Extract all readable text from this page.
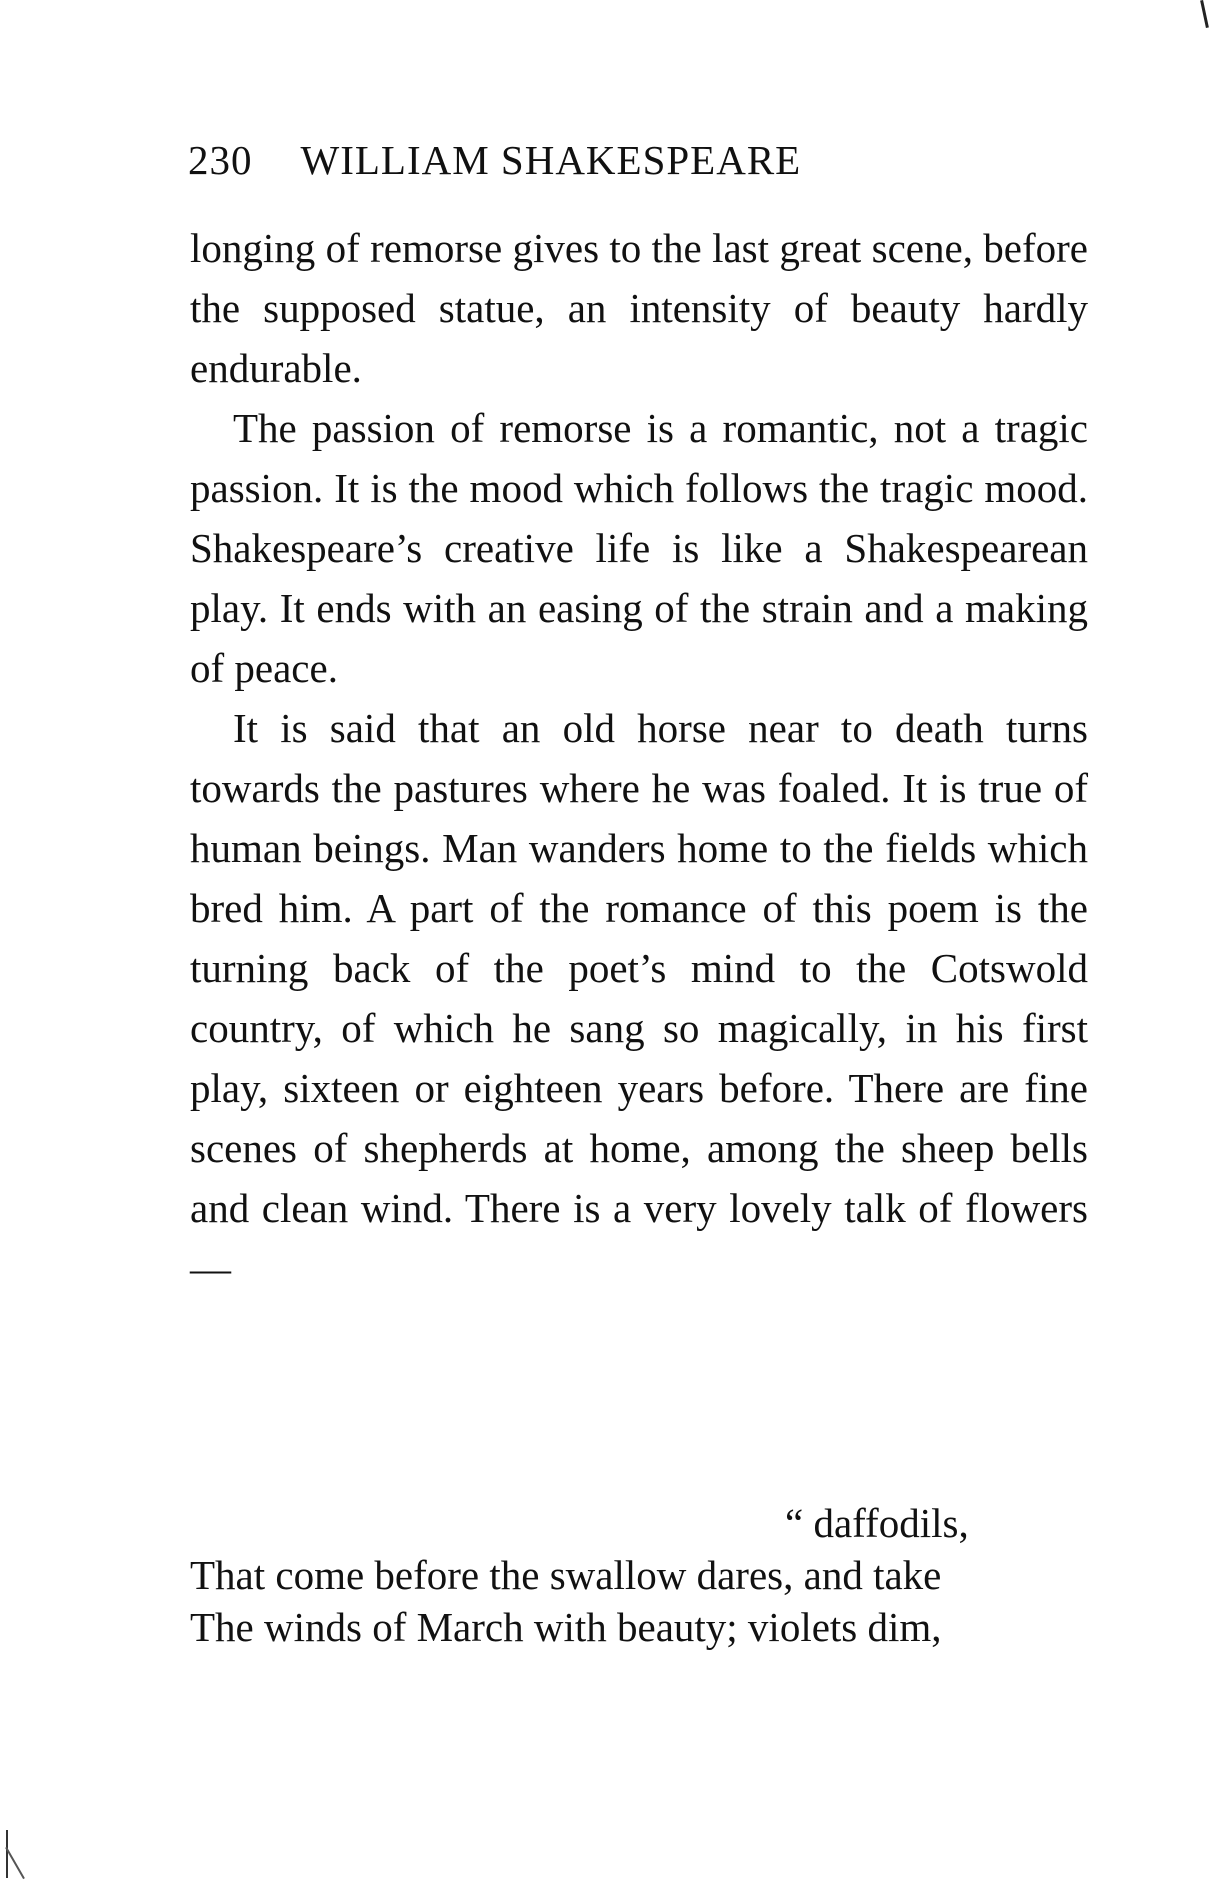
230 WILLIAM SHAKESPEARE

longing of remorse gives to the last great scene, before the supposed statue, an intensity of beauty hardly endurable.

The passion of remorse is a romantic, not a tragic passion. It is the mood which follows the tragic mood. Shakespeare’s creative life is like a Shakespearean play. It ends with an easing of the strain and a making of peace.

It is said that an old horse near to death turns towards the pastures where he was foaled. It is true of human beings. Man wanders home to the fields which bred him. A part of the romance of this poem is the turning back of the poet’s mind to the Cotswold country, of which he sang so magically, in his first play, sixteen or eighteen years before. There are fine scenes of shepherds at home, among the sheep bells and clean wind. There is a very lovely talk of flowers—

“ daffodils,
That come before the swallow dares, and take
The winds of March with beauty; violets dim,
